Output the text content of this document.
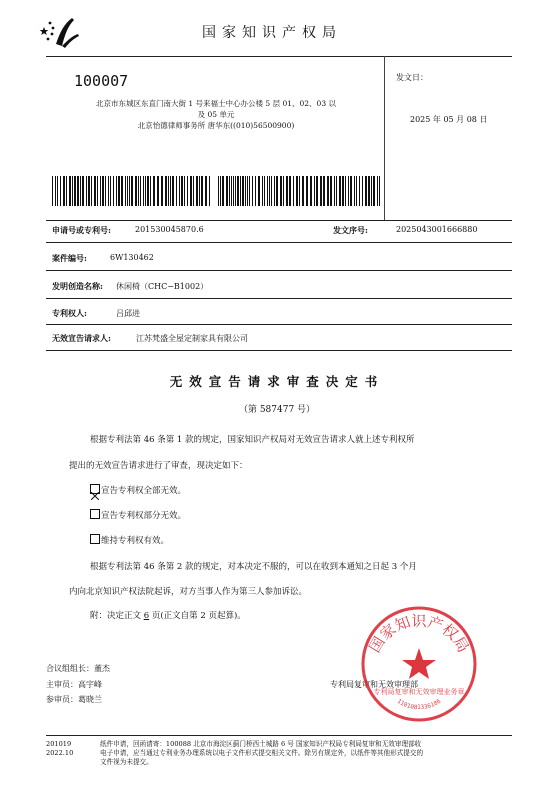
国家知识产权局
100007
北京市东城区东直门南大街 1 号来福士中心办公楼 5 层 01、02、03 以
及 05 单元
北京怡德律师事务所 唐华东((010)56500900)
发文日：
2025 年 05 月 08 日
申请号或专利号:	201530045870.6	发文序号:	2025043001666880
案件编号:	6W130462
发明创造名称: 休闲椅（CHC−B1002）
专利权人:	吕邱进
无效宣告请求人:	江苏梵盛全屋定制家具有限公司
无效宣告请求审查决定书
（第 587477 号）
根据专利法第 46 条第 1 款的规定，国家知识产权局对无效宣告请求人就上述专利权所
提出的无效宣告请求进行了审查，现决定如下：
宣告专利权全部无效。
宣告专利权部分无效。
维持专利权有效。
根据专利法第 46 条第 2 款的规定，对本决定不服的，可以在收到本通知之日起 3 个月
内向北京知识产权法院起诉，对方当事人作为第三人参加诉讼。
附：决定正文 6 页(正文自第 2 页起算)。
合议组组长：董杰
主审员：高宇峰
参审员：葛晓兰
专利局复审和无效审理部
国家知识产权局
专利局复审和无效审理业务章
1101081336186
201019
2022.10
纸件申请，回函请寄：100088 北京市海淀区蓟门桥西土城路 6 号 国家知识产权局专利局复审和无效审理部收
电子申请，应当通过专利业务办理系统以电子文件形式提交相关文件。除另有规定外，以纸件等其他形式提交的
文件视为未提交。
